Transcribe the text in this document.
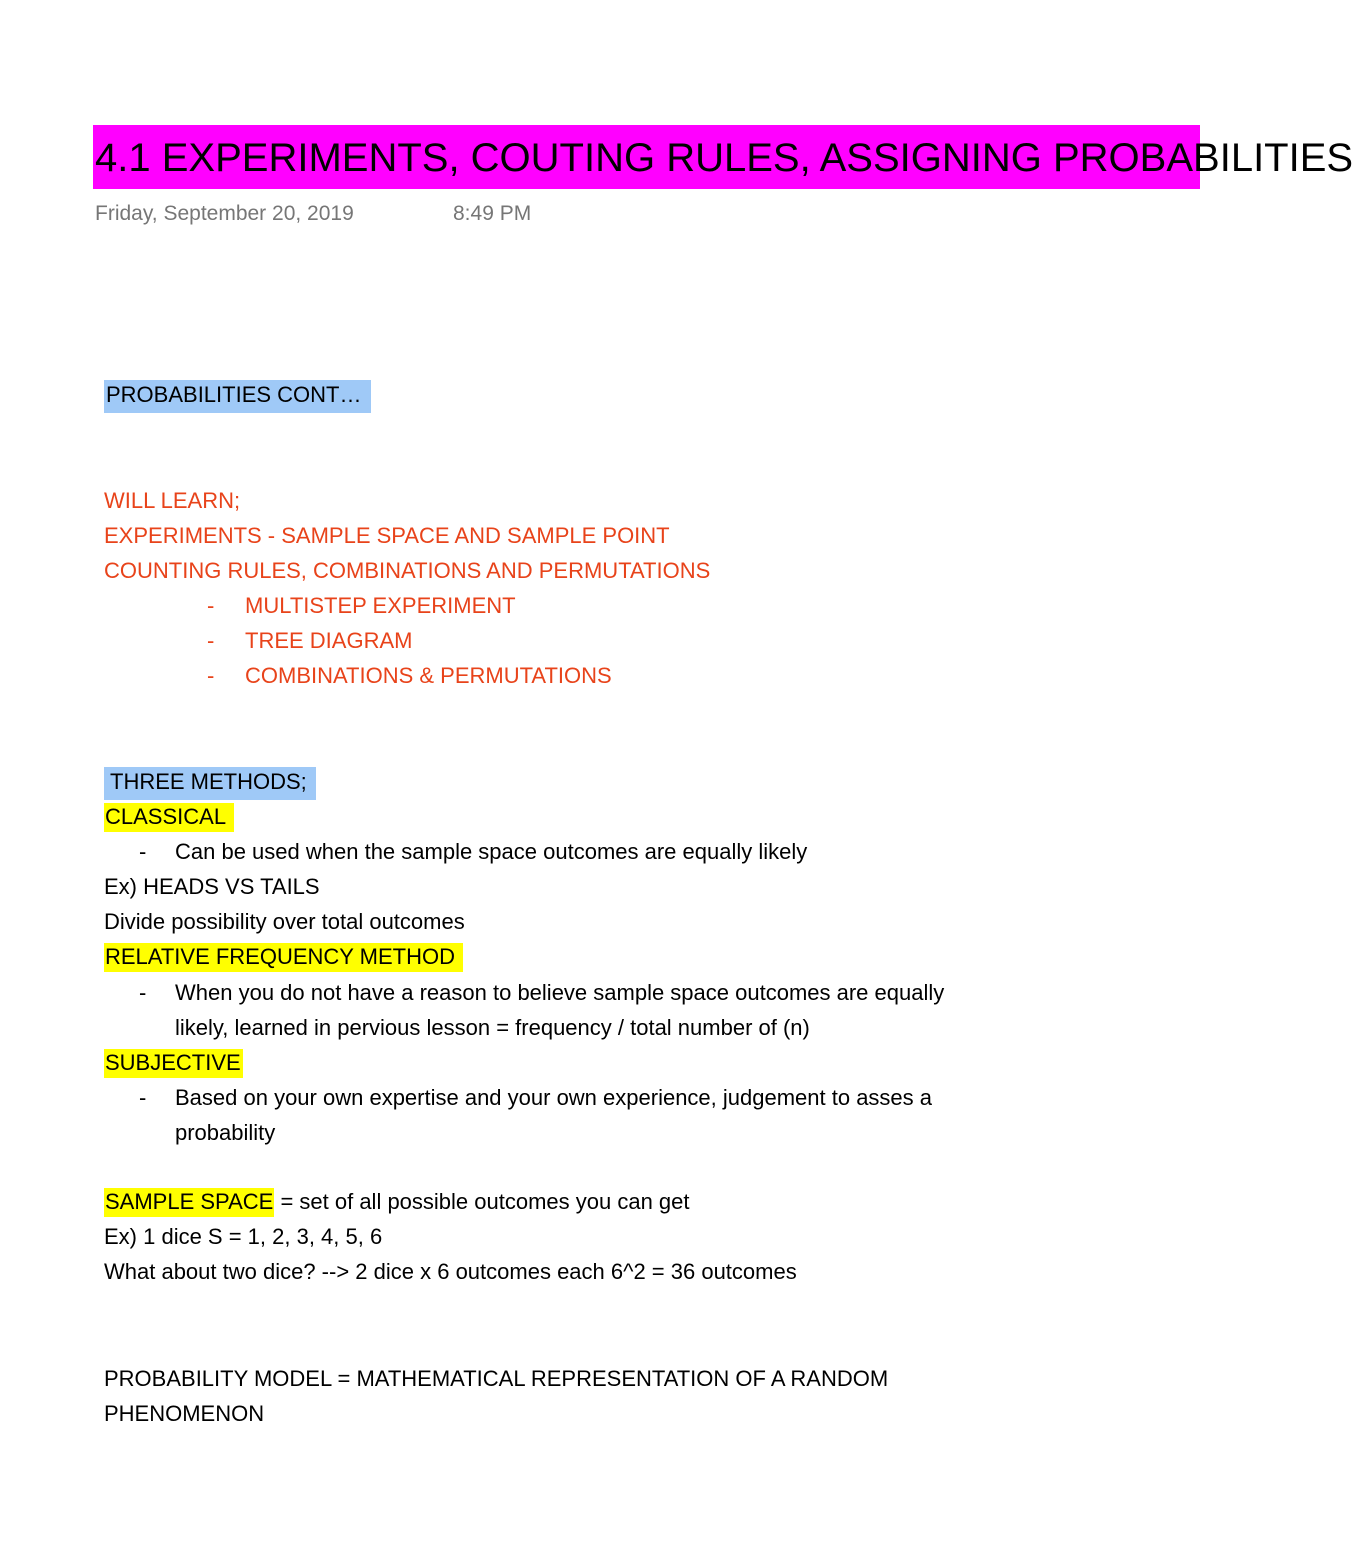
4.1 EXPERIMENTS, COUTING RULES, ASSIGNING PROBABILITIES
Friday, September 20, 2019	8:49 PM
PROBABILITIES CONT…
WILL LEARN;
EXPERIMENTS - SAMPLE SPACE AND SAMPLE POINT
COUNTING RULES, COMBINATIONS AND PERMUTATIONS
- MULTISTEP EXPERIMENT
- TREE DIAGRAM
- COMBINATIONS & PERMUTATIONS
THREE METHODS;
CLASSICAL
- Can be used when the sample space outcomes are equally likely
Ex) HEADS VS TAILS
Divide possibility over total outcomes
RELATIVE FREQUENCY METHOD
- When you do not have a reason to believe sample space outcomes are equally
likely, learned in pervious lesson = frequency / total number of (n)
SUBJECTIVE
- Based on your own expertise and your own experience, judgement to asses a
probability
SAMPLE SPACE = set of all possible outcomes you can get
Ex) 1 dice S = 1, 2, 3, 4, 5, 6
What about two dice? --> 2 dice x 6 outcomes each 6^2 = 36 outcomes
PROBABILITY MODEL = MATHEMATICAL REPRESENTATION OF A RANDOM
PHENOMENON
